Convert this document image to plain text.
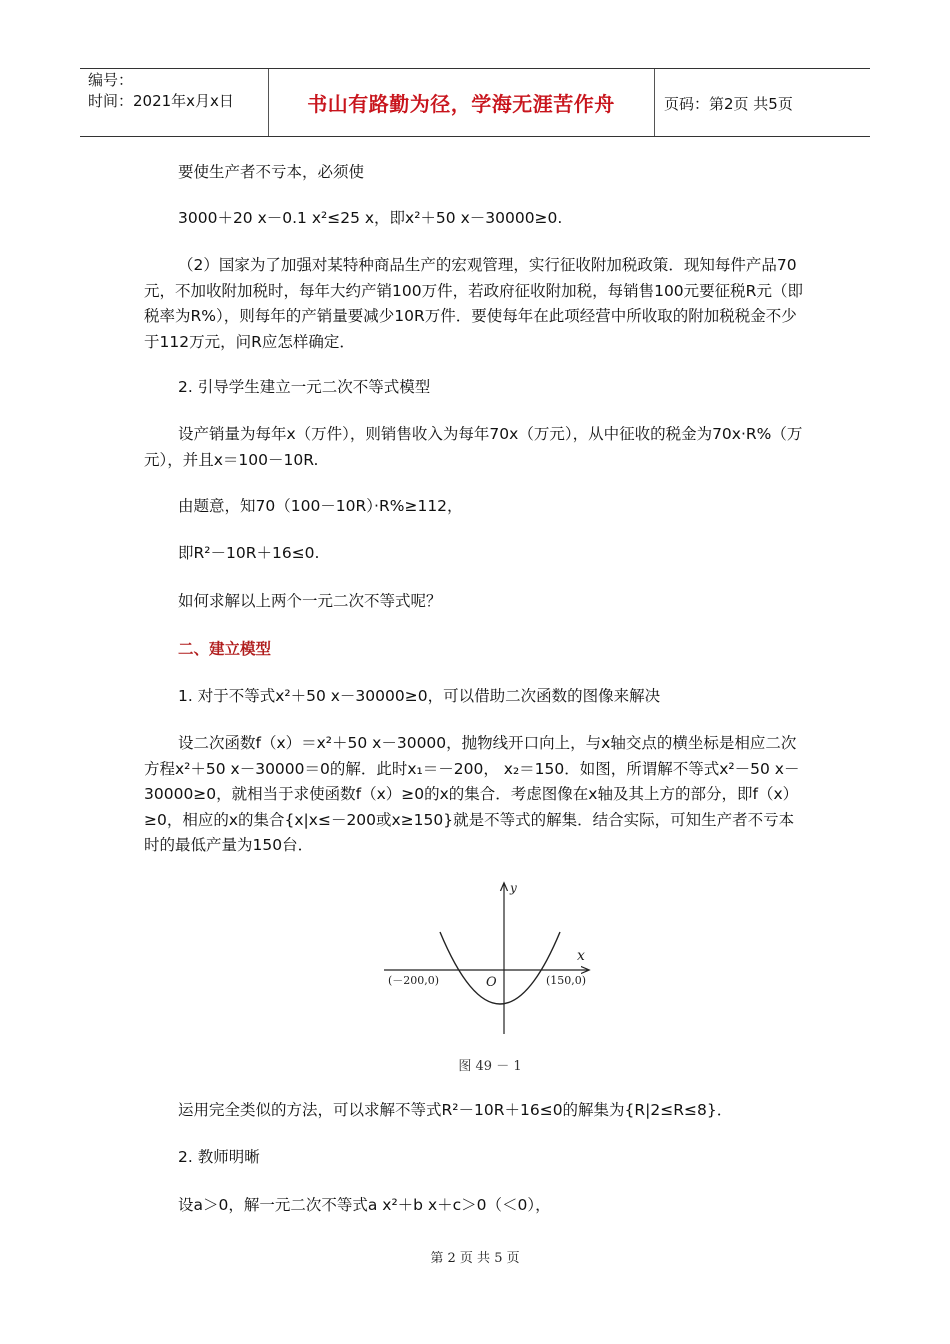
编号：
时间：2021年x月x日	书山有路勤为径，学海无涯苦作舟	页码：第2页 共5页

要使生产者不亏本，必须使

3000＋20 x－0.1 x²≤25 x，即x²＋50 x－30000≥0.

（2）国家为了加强对某特种商品生产的宏观管理，实行征收附加税政策．现知每件产品70元，不加收附加税时，每年大约产销100万件，若政府征收附加税，每销售100元要征税R元（即税率为R%），则每年的产销量要减少10R万件．要使每年在此项经营中所收取的附加税税金不少于112万元，问R应怎样确定．

2. 引导学生建立一元二次不等式模型

设产销量为每年x（万件），则销售收入为每年70x（万元），从中征收的税金为70x·R%（万元），并且x＝100－10R.

由题意，知70（100－10R）·R%≥112，

即R²－10R＋16≤0.

如何求解以上两个一元二次不等式呢？

二、建立模型

1. 对于不等式x²＋50 x－30000≥0，可以借助二次函数的图像来解决

设二次函数f（x）＝x²＋50 x－30000，抛物线开口向上，与x轴交点的横坐标是相应二次方程x²＋50 x－30000＝0的解．此时x₁＝－200， x₂＝150．如图，所谓解不等式x²－50 x－30000≥0，就相当于求使函数f（x）≥0的x的集合．考虑图像在x轴及其上方的部分，即f（x）≥0，相应的x的集合{x|x≤－200或x≥150}就是不等式的解集．结合实际，可知生产者不亏本时的最低产量为150台．

y
x
O
(－200,0)	(150,0)
图 49 － 1

运用完全类似的方法，可以求解不等式R²－10R＋16≤0的解集为{R|2≤R≤8}．

2. 教师明晰

设a＞0，解一元二次不等式a x²＋b x＋c＞0（＜0），

第 2 页 共 5 页
